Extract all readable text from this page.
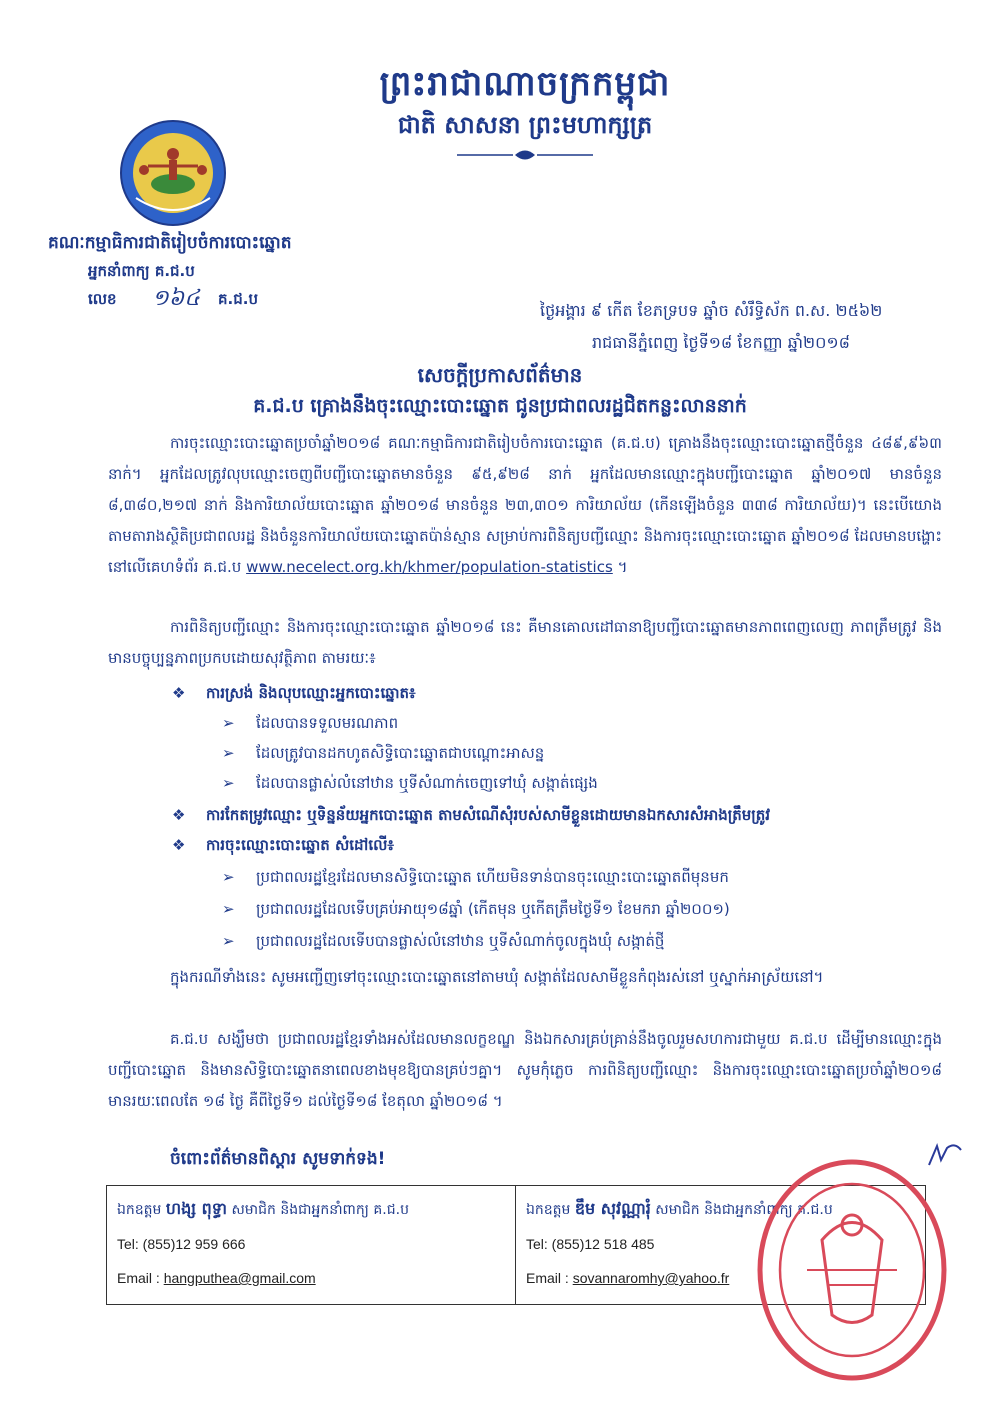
ព្រះរាជាណាចក្រកម្ពុជា
ជាតិ សាសនា ព្រះមហាក្សត្រ
គណៈកម្មាធិការជាតិរៀបចំការបោះឆ្នោត
អ្នកនាំពាក្យ គ.ជ.ប
លេខ ១៦៤ គ.ជ.ប
ថ្ងៃអង្គារ ៩ កើត ខែភទ្របទ ឆ្នាំច សំរឹទ្ធិស័ក ព.ស. ២៥៦២
រាជធានីភ្នំពេញ ថ្ងៃទី១៨ ខែកញ្ញា ឆ្នាំ២០១៨
សេចក្តីប្រកាសព័ត៌មាន
គ.ជ.ប គ្រោងនឹងចុះឈ្មោះបោះឆ្នោត ជូនប្រជាពលរដ្ឋជិតកន្លះលាននាក់
ការចុះឈ្មោះបោះឆ្នោតប្រចាំឆ្នាំ២០១៨ គណៈកម្មាធិការជាតិរៀបចំការបោះឆ្នោត (គ.ជ.ប) គ្រោងនឹងចុះឈ្មោះបោះឆ្នោតថ្មីចំនួន ៤៨៩,៩៦៣ នាក់។ អ្នកដែលត្រូវលុបឈ្មោះចេញពីបញ្ជីបោះឆ្នោតមានចំនួន ៩៥,៩២៨ នាក់ អ្នកដែលមានឈ្មោះក្នុងបញ្ជីបោះឆ្នោត ឆ្នាំ២០១៧ មានចំនួន ៨,៣៨០,២១៧ នាក់ និងការិយាល័យបោះឆ្នោត ឆ្នាំ២០១៨ មានចំនួន ២៣,៣០១ ការិយាល័យ (កើនឡើងចំនួន ៣៣៨ ការិយាល័យ)។ នេះបើយោងតាមតារាងស្ថិតិប្រជាពលរដ្ឋ និងចំនួនការិយាល័យបោះឆ្នោតប៉ាន់ស្មាន សម្រាប់ការពិនិត្យបញ្ជីឈ្មោះ និងការចុះឈ្មោះបោះឆ្នោត ឆ្នាំ២០១៨ ដែលមានបង្ហោះនៅលើគេហទំព័រ គ.ជ.ប www.necelect.org.kh/khmer/population-statistics ។
ការពិនិត្យបញ្ជីឈ្មោះ និងការចុះឈ្មោះបោះឆ្នោត ឆ្នាំ២០១៨ នេះ គឺមានគោលដៅធានាឱ្យបញ្ជីបោះឆ្នោតមានភាពពេញលេញ ភាពត្រឹមត្រូវ និងមានបច្ចុប្បន្នភាពប្រកបដោយសុវត្ថិភាព តាមរយៈ៖
❖ ការស្រង់ និងលុបឈ្មោះអ្នកបោះឆ្នោត៖
➢ ដែលបានទទួលមរណភាព
➢ ដែលត្រូវបានដកហូតសិទ្ធិបោះឆ្នោតជាបណ្តោះអាសន្ន
➢ ដែលបានផ្លាស់លំនៅឋាន ឬទីសំណាក់ចេញទៅឃុំ សង្កាត់ផ្សេង
❖ ការកែតម្រូវឈ្មោះ ឬទិន្នន័យអ្នកបោះឆ្នោត តាមសំណើសុំរបស់សាមីខ្លួនដោយមានឯកសារសំអាងត្រឹមត្រូវ
❖ ការចុះឈ្មោះបោះឆ្នោត សំដៅលើ៖
➢ ប្រជាពលរដ្ឋខ្មែរដែលមានសិទ្ធិបោះឆ្នោត ហើយមិនទាន់បានចុះឈ្មោះបោះឆ្នោតពីមុនមក
➢ ប្រជាពលរដ្ឋដែលទើបគ្រប់អាយុ១៨ឆ្នាំ (កើតមុន ឬកើតត្រឹមថ្ងៃទី១ ខែមករា ឆ្នាំ២០០១)
➢ ប្រជាពលរដ្ឋដែលទើបបានផ្លាស់លំនៅឋាន ឬទីសំណាក់ចូលក្នុងឃុំ សង្កាត់ថ្មី
ក្នុងករណីទាំងនេះ សូមអញ្ជើញទៅចុះឈ្មោះបោះឆ្នោតនៅតាមឃុំ សង្កាត់ដែលសាមីខ្លួនកំពុងរស់នៅ ឬស្នាក់អាស្រ័យនៅ។
គ.ជ.ប សង្ឃឹមថា ប្រជាពលរដ្ឋខ្មែរទាំងអស់ដែលមានលក្ខខណ្ឌ និងឯកសារគ្រប់គ្រាន់នឹងចូលរួមសហការជាមួយ គ.ជ.ប ដើម្បីមានឈ្មោះក្នុងបញ្ជីបោះឆ្នោត និងមានសិទ្ធិបោះឆ្នោតនាពេលខាងមុខឱ្យបានគ្រប់ៗគ្នា។ សូមកុំភ្លេច ការពិនិត្យបញ្ជីឈ្មោះ និងការចុះឈ្មោះបោះឆ្នោតប្រចាំឆ្នាំ២០១៨ មានរយៈពេលតែ ១៨ ថ្ងៃ គឺពីថ្ងៃទី១ ដល់ថ្ងៃទី១៨ ខែតុលា ឆ្នាំ២០១៨ ។
ចំពោះព័ត៌មានពិស្តារ សូមទាក់ទង!
ឯកឧត្តម ហង្ស ពុទ្ធា សមាជិក និងជាអ្នកនាំពាក្យ គ.ជ.ប
Tel: (855)12 959 666
Email : hangputhea@gmail.com
ឯកឧត្តម ឌឹម សុវណ្ណារុំ សមាជិក និងជាអ្នកនាំពាក្យ គ.ជ.ប
Tel: (855)12 518 485
Email : sovannaromhy@yahoo.fr
